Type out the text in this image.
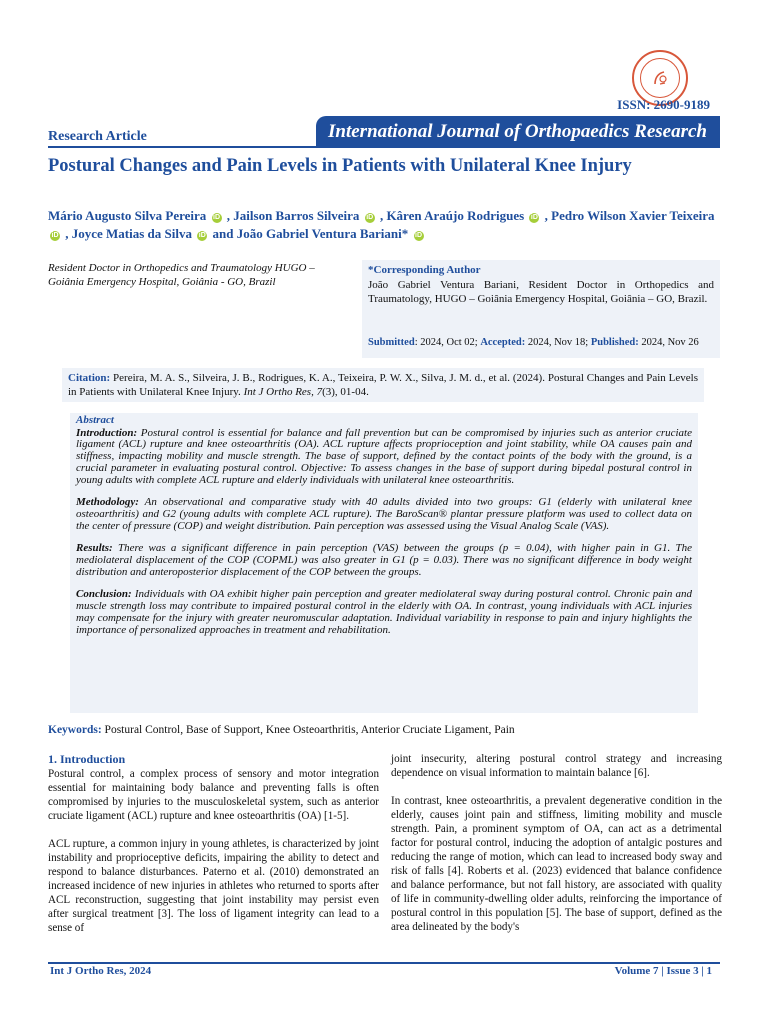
ISSN: 2690-9189
Research Article	International Journal of Orthopaedics Research
Postural Changes and Pain Levels in Patients with Unilateral Knee Injury
Mário Augusto Silva Pereira iD , Jailson Barros Silveira iD , Kâren Araújo Rodrigues iD , Pedro Wilson Xavier Teixeira iD , Joyce Matias da Silva iD and João Gabriel Ventura Bariani* iD
Resident Doctor in Orthopedics and Traumatology HUGO – Goiânia Emergency Hospital, Goiânia - GO, Brazil
*Corresponding Author
João Gabriel Ventura Bariani, Resident Doctor in Orthopedics and Traumatology, HUGO – Goiânia Emergency Hospital, Goiânia – GO, Brazil.
Submitted: 2024, Oct 02; Accepted: 2024, Nov 18; Published: 2024, Nov 26
Citation: Pereira, M. A. S., Silveira, J. B., Rodrigues, K. A., Teixeira, P. W. X., Silva, J. M. d., et al. (2024). Postural Changes and Pain Levels in Patients with Unilateral Knee Injury. Int J Ortho Res, 7(3), 01-04.
Abstract
Introduction: Postural control is essential for balance and fall prevention but can be compromised by injuries such as anterior cruciate ligament (ACL) rupture and knee osteoarthritis (OA). ACL rupture affects proprioception and joint stability, while OA causes pain and stiffness, impacting mobility and muscle strength. The base of support, defined by the contact points of the body with the ground, is a crucial parameter in evaluating postural control. Objective: To assess changes in the base of support during bipedal postural control in young adults with complete ACL rupture and elderly individuals with unilateral knee osteoarthritis.
Methodology: An observational and comparative study with 40 adults divided into two groups: G1 (elderly with unilateral knee osteoarthritis) and G2 (young adults with complete ACL rupture). The BaroScan® plantar pressure platform was used to collect data on the center of pressure (COP) and weight distribution. Pain perception was assessed using the Visual Analog Scale (VAS).
Results: There was a significant difference in pain perception (VAS) between the groups (p = 0.04), with higher pain in G1. The mediolateral displacement of the COP (COPML) was also greater in G1 (p = 0.03). There was no significant difference in body weight distribution and anteroposterior displacement of the COP between the groups.
Conclusion: Individuals with OA exhibit higher pain perception and greater mediolateral sway during postural control. Chronic pain and muscle strength loss may contribute to impaired postural control in the elderly with OA. In contrast, young individuals with ACL injuries may compensate for the injury with greater neuromuscular adaptation. Individual variability in response to pain and injury highlights the importance of personalized approaches in treatment and rehabilitation.
Keywords: Postural Control, Base of Support, Knee Osteoarthritis, Anterior Cruciate Ligament, Pain
1. Introduction

Postural control, a complex process of sensory and motor integration essential for maintaining body balance and preventing falls is often compromised by injuries to the musculoskeletal system, such as anterior cruciate ligament (ACL) rupture and knee osteoarthritis (OA) [1-5].

ACL rupture, a common injury in young athletes, is characterized by joint instability and proprioceptive deficits, impairing the ability to detect and respond to balance disturbances. Paterno et al. (2010) demonstrated an increased incidence of new injuries in athletes who returned to sports after ACL reconstruction, suggesting that joint instability may persist even after surgical treatment [3]. The loss of ligament integrity can lead to a sense of

joint insecurity, altering postural control strategy and increasing dependence on visual information to maintain balance [6].

In contrast, knee osteoarthritis, a prevalent degenerative condition in the elderly, causes joint pain and stiffness, limiting mobility and muscle strength. Pain, a prominent symptom of OA, can act as a detrimental factor for postural control, inducing the adoption of antalgic postures and reducing the range of motion, which can lead to increased body sway and risk of falls [4]. Roberts et al. (2023) evidenced that balance confidence and balance performance, but not fall history, are associated with quality of life in community-dwelling older adults, reinforcing the importance of postural control in this population [5]. The base of support, defined as the area delineated by the body's

Int J Ortho Res, 2024	Volume 7 | Issue 3 | 1
